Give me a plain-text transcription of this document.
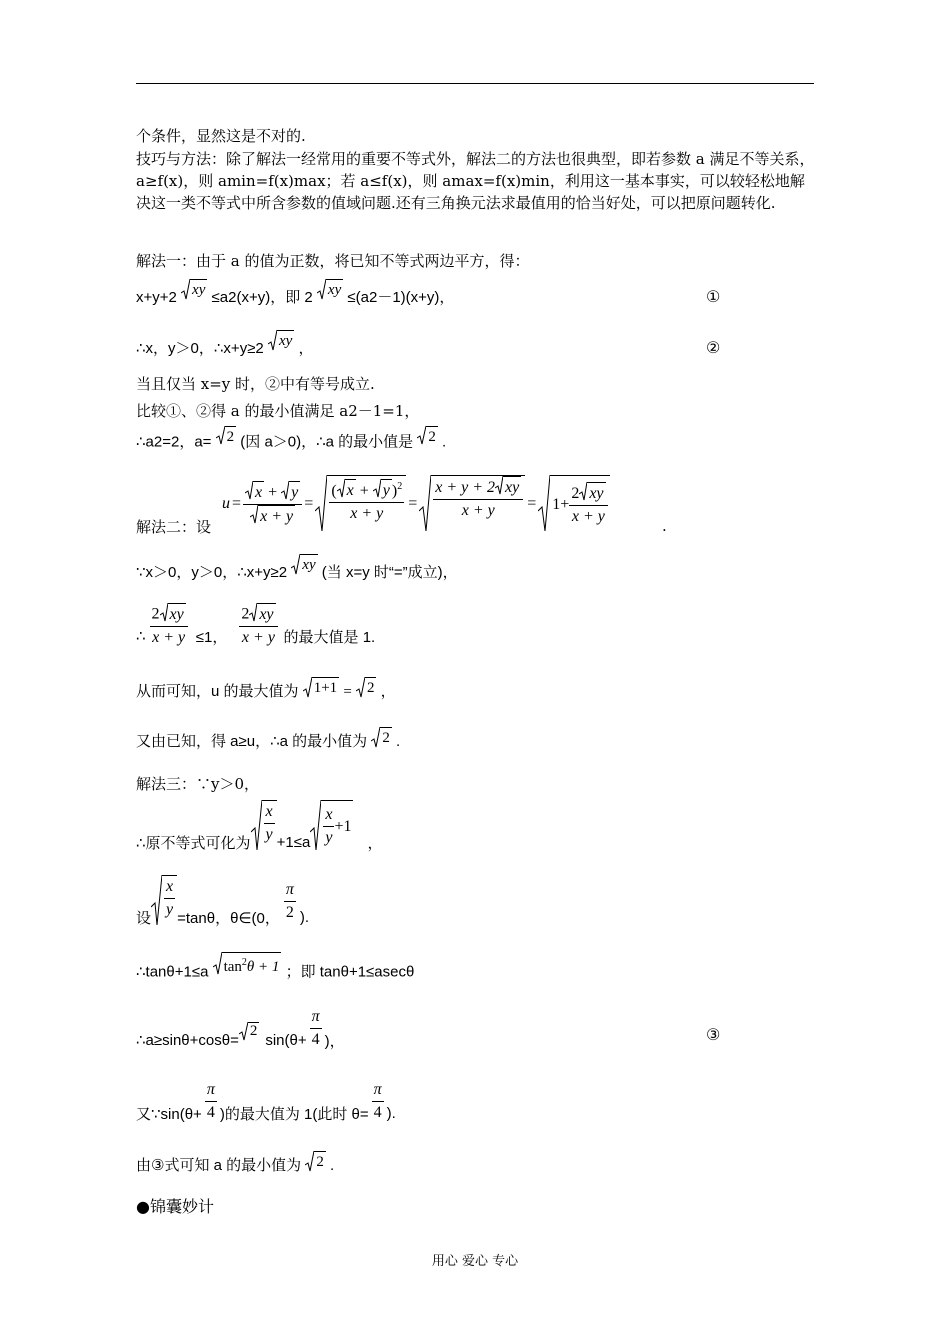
个条件，显然这是不对的.
技巧与方法：除了解法一经常用的重要不等式外，解法二的方法也很典型，即若参数 a 满足不等关系，a≥f(x)，则 amin=f(x)max；若 a≤f(x)，则 amax=f(x)min，利用这一基本事实，可以较轻松地解决这一类不等式中所含参数的值域问题.还有三角换元法求最值用的恰当好处，可以把原问题转化.
解法一：由于 a 的值为正数，将已知不等式两边平方，得：
x+y+2 xy ≤a2(x+y)，即 2 xy ≤(a2－1)(x+y)，	①
∴x，y＞0，∴x+y≥2 xy ，	②
当且仅当 x=y 时，②中有等号成立.
比较①、②得 a 的最小值满足 a2－1=1，
∴a2=2，a= 2 (因 a＞0)，∴a 的最小值是 2 .
解法二：设
$u = \frac{x + y}{x + y} = \frac{( x + y )^2}{x + y} = \frac{x + y + 2 xy}{x + y} = 1+ \frac{2 xy}{x + y}$	.
∵x＞0，y＞0，∴x+y≥2 xy (当 x=y 时“=”成立)，
∴ $\frac{2 xy}{x + y} \le 1$， $\frac{2 xy}{x + y}$ 的最大值是 1.
从而可知，u 的最大值为 1+1 = 2 ，
又由已知，得 a≥u，∴a 的最小值为 2 .
解法三：∵y＞0，
∴原不等式可化为 $\frac{x}{y} +1\le a \frac{x}{y} +1$
，
设 $\frac{x}{y} =\tan\theta$，θ∈(0， $\frac{\pi}{2}$ ).
∴tanθ+1≤a $\tan^2\theta + 1$ ；即 tanθ+1≤asecθ
∴a≥sinθ+cosθ=
2
$\sin(\theta+ \frac{\pi}{4}$ )，	③
又∵sin(θ+ $\frac{\pi}{4}$ )的最大值为 1(此时 $\theta= \frac{\pi}{4}$ ).
由③式可知 a 的最小值为 2 .
●锦囊妙计
用心 爱心 专心
